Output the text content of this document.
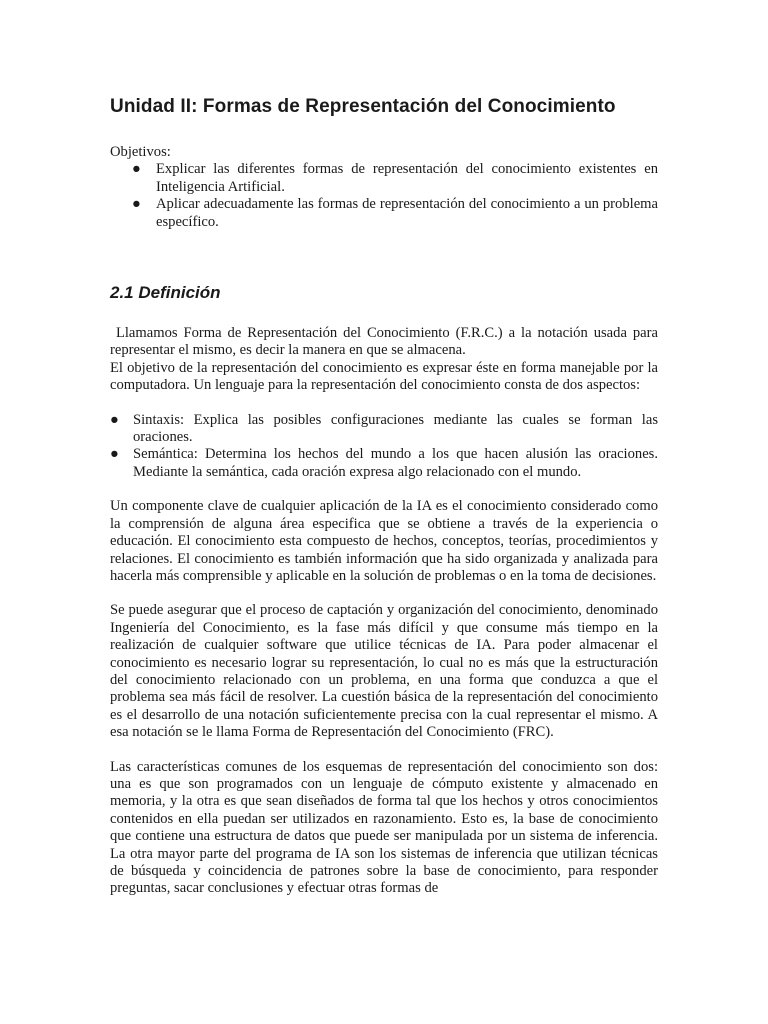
Unidad II: Formas de Representación del Conocimiento

Objetivos:

● Explicar las diferentes formas de representación del conocimiento existentes en Inteligencia Artificial.
● Aplicar adecuadamente las formas de representación del conocimiento a un problema específico.
2.1 Definición

Llamamos Forma de Representación del Conocimiento (F.R.C.) a la notación usada para representar el mismo, es decir la manera en que se almacena.

El objetivo de la representación del conocimiento es expresar éste en forma manejable por la computadora. Un lenguaje para la representación del conocimiento consta de dos aspectos:

● Sintaxis: Explica las posibles configuraciones mediante las cuales se forman las oraciones.
● Semántica: Determina los hechos del mundo a los que hacen alusión las oraciones. Mediante la semántica, cada oración expresa algo relacionado con el mundo.

Un componente clave de cualquier aplicación de la IA es el conocimiento considerado como la comprensión de alguna área especifica que se obtiene a través de la experiencia o educación. El conocimiento esta compuesto de hechos, conceptos, teorías, procedimientos y relaciones. El conocimiento es también información que ha sido organizada y analizada para hacerla más comprensible y aplicable en la solución de problemas o en la toma de decisiones.

Se puede asegurar que el proceso de captación y organización del conocimiento, denominado Ingeniería del Conocimiento, es la fase más difícil y que consume más tiempo en la realización de cualquier software que utilice técnicas de IA. Para poder almacenar el conocimiento es necesario lograr su representación, lo cual no es más que la estructuración del conocimiento relacionado con un problema, en una forma que conduzca a que el problema sea más fácil de resolver. La cuestión básica de la representación del conocimiento es el desarrollo de una notación suficientemente precisa con la cual representar el mismo. A esa notación se le llama Forma de Representación del Conocimiento (FRC).

Las características comunes de los esquemas de representación del conocimiento son dos: una es que son programados con un lenguaje de cómputo existente y almacenado en memoria, y la otra es que sean diseñados de forma tal que los hechos y otros conocimientos contenidos en ella puedan ser utilizados en razonamiento. Esto es, la base de conocimiento que contiene una estructura de datos que puede ser manipulada por un sistema de inferencia. La otra mayor parte del programa de IA son los sistemas de inferencia que utilizan técnicas de búsqueda y coincidencia de patrones sobre la base de conocimiento, para responder preguntas, sacar conclusiones y efectuar otras formas de
